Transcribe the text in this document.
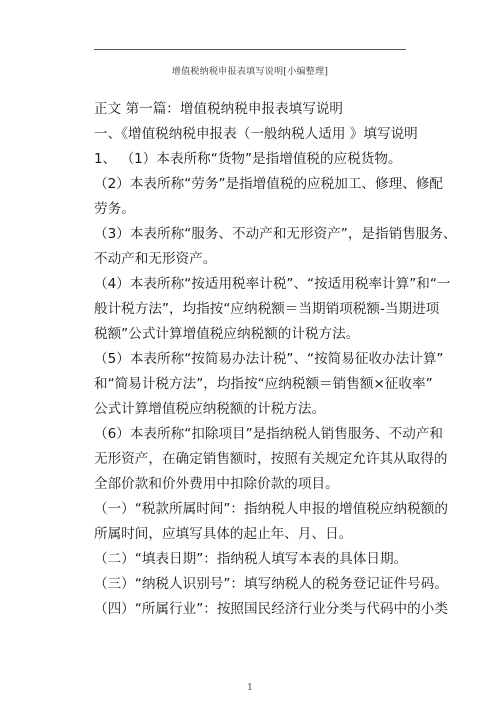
增值税纳税申报表填写说明[小编整理]
正文 第一篇：增值税纳税申报表填写说明
一、《增值税纳税申报表（一般纳税人适用 》填写说明
1、 （1）本表所称“货物”是指增值税的应税货物。
（2）本表所称“劳务”是指增值税的应税加工、修理、修配
劳务。
（3）本表所称“服务、不动产和无形资产”，是指销售服务、
不动产和无形资产。
（4）本表所称“按适用税率计税”、“按适用税率计算”和“一
般计税方法”，均指按“应纳税额＝当期销项税额-当期进项
税额”公式计算增值税应纳税额的计税方法。
（5）本表所称“按简易办法计税”、“按简易征收办法计算”
和“简易计税方法”，均指按“应纳税额＝销售额×征收率”
公式计算增值税应纳税额的计税方法。
（6）本表所称“扣除项目”是指纳税人销售服务、不动产和
无形资产，在确定销售额时，按照有关规定允许其从取得的
全部价款和价外费用中扣除价款的项目。
（一）“税款所属时间”：指纳税人申报的增值税应纳税额的
所属时间，应填写具体的起止年、月、日。
（二）“填表日期”：指纳税人填写本表的具体日期。
（三）“纳税人识别号”：填写纳税人的税务登记证件号码。
（四）“所属行业”：按照国民经济行业分类与代码中的小类
1
